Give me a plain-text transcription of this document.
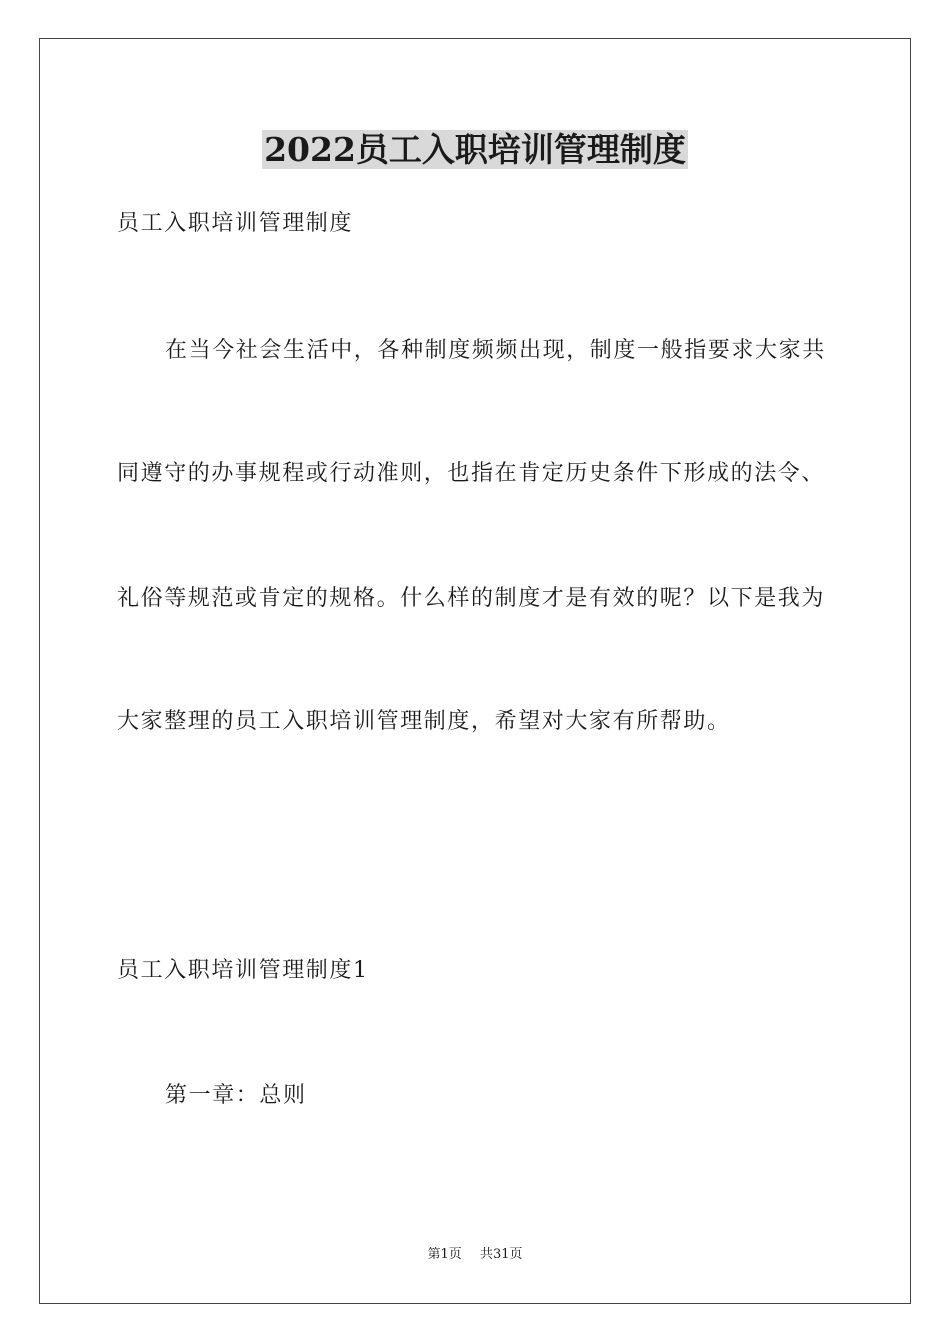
2022员工入职培训管理制度
员工入职培训管理制度
在当今社会生活中，各种制度频频出现，制度一般指要求大家共
同遵守的办事规程或行动准则，也指在肯定历史条件下形成的法令、
礼俗等规范或肯定的规格。什么样的制度才是有效的呢？以下是我为
大家整理的员工入职培训管理制度，希望对大家有所帮助。
员工入职培训管理制度1
第一章：总则
第1页 共31页
